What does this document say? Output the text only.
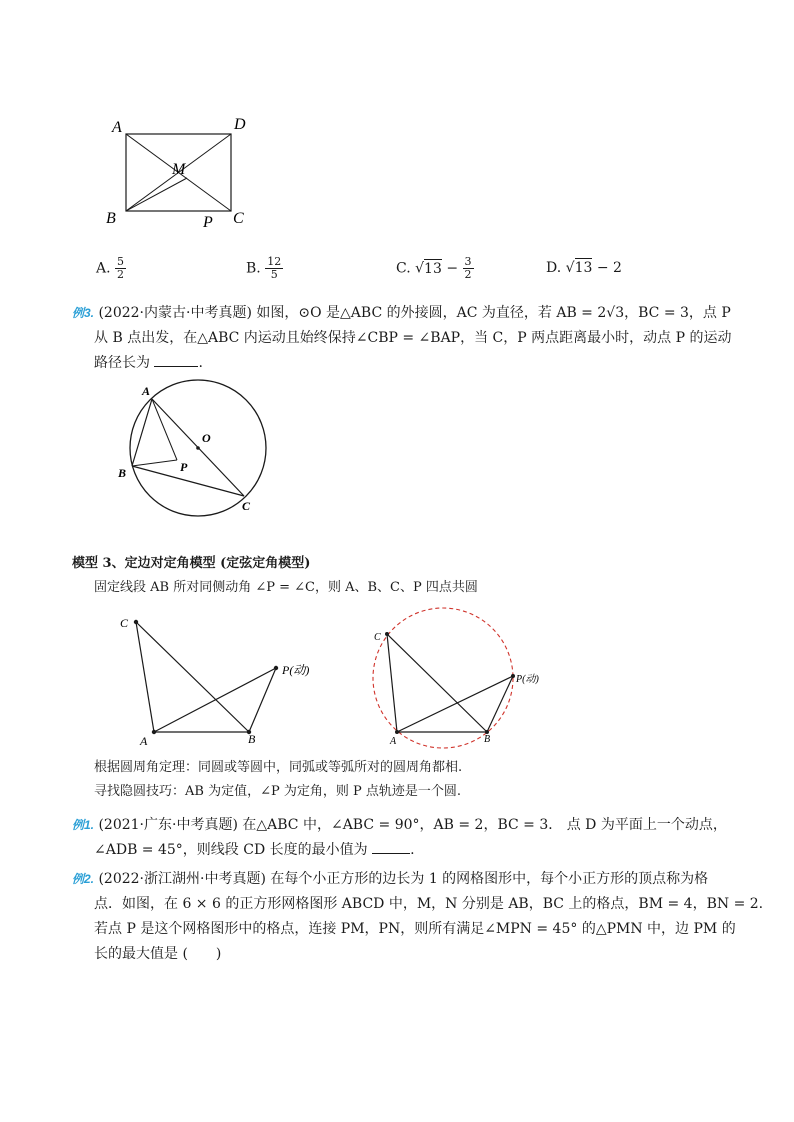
A	D
M
B	P C
A. $\frac{5}{2}$	B. $\frac{12}{5}$	C. $√13 - \frac{3}{2}$	D. √13 − 2
例3. (2022·内蒙古·中考真题) 如图，⊙O 是△ABC 的外接圆，AC 为直径，若 AB = 2√3，BC = 3，点 P
从 B 点出发，在△ABC 内运动且始终保持∠CBP = ∠BAP，当 C，P 两点距离最小时，动点 P 的运动
路径长为	.
A
O
B	P
C
模型 3、定边对定角模型 (定弦定角模型)
固定线段 AB 所对同侧动角 ∠P = ∠C，则 A、B、C、P 四点共圆
C
A	B
P(动)
C
A	B
P(动)
根据圆周角定理：同圆或等圆中，同弧或等弧所对的圆周角都相.
寻找隐圆技巧：AB 为定值，∠P 为定角，则 P 点轨迹是一个圆.
例1. (2021·广东·中考真题) 在△ABC 中，∠ABC = 90°，AB = 2，BC = 3． 点 D 为平面上一个动点，
∠ADB = 45°，则线段 CD 长度的最小值为	.
例2. (2022·浙江湖州·中考真题) 在每个小正方形的边长为 1 的网格图形中，每个小正方形的顶点称为格
点．如图，在 6 × 6 的正方形网格图形 ABCD 中，M，N 分别是 AB，BC 上的格点，BM = 4，BN = 2.
若点 P 是这个网格图形中的格点，连接 PM，PN，则所有满足∠MPN = 45° 的△PMN 中，边 PM 的
长的最大值是 (　　)
